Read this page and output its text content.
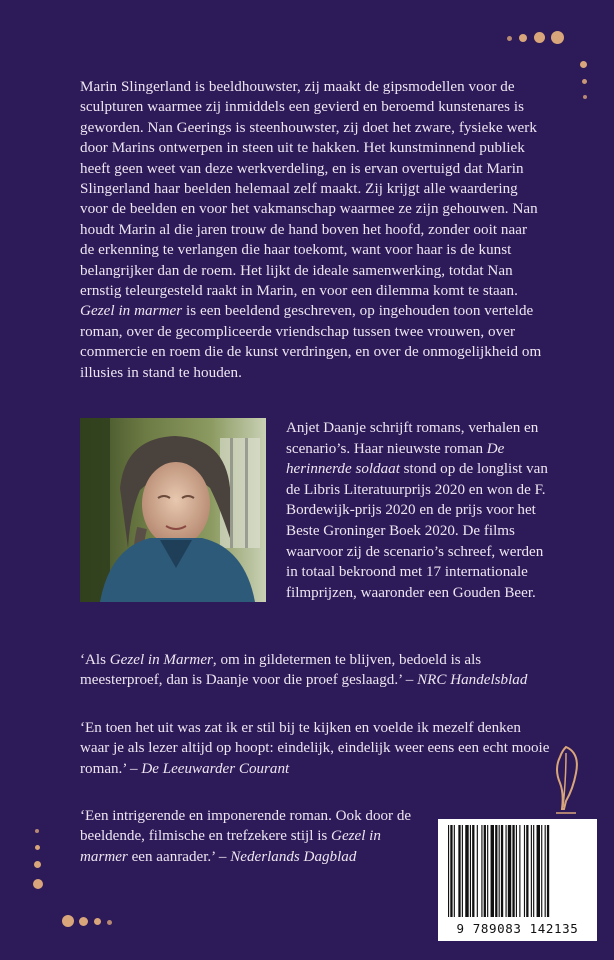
Marin Slingerland is beeldhouwster, zij maakt de gipsmodellen voor de sculpturen waarmee zij inmiddels een gevierd en beroemd kunstenares is geworden. Nan Geerings is steenhouwster, zij doet het zware, fysieke werk door Marins ontwerpen in steen uit te hakken. Het kunstminnend publiek heeft geen weet van deze werkverdeling, en is ervan overtuigd dat Marin Slingerland haar beelden helemaal zelf maakt. Zij krijgt alle waardering voor de beelden en voor het vakmanschap waarmee ze zijn gehouwen. Nan houdt Marin al die jaren trouw de hand boven het hoofd, zonder ooit naar de erkenning te verlangen die haar toekomt, want voor haar is de kunst belangrijker dan de roem. Het lijkt de ideale samenwerking, totdat Nan ernstig teleurgesteld raakt in Marin, en voor een dilemma komt te staan. Gezel in marmer is een beeldend geschreven, op ingehouden toon vertelde roman, over de gecompliceerde vriendschap tussen twee vrouwen, over commercie en roem die de kunst verdringen, en over de onmogelijkheid om illusies in stand te houden.

Anjet Daanje schrijft romans, verhalen en scenario’s. Haar nieuwste roman De herinnerde soldaat stond op de longlist van de Libris Literatuurprijs 2020 en won de F. Bordewijk-prijs 2020 en de prijs voor het Beste Groninger Boek 2020. De films waarvoor zij de scenario’s schreef, werden in totaal bekroond met 17 internationale filmprijzen, waaronder een Gouden Beer.

‘Als Gezel in Marmer, om in gildetermen te blijven, bedoeld is als meesterproef, dan is Daanje voor die proef geslaagd.’ – NRC Handelsblad

‘En toen het uit was zat ik er stil bij te kijken en voelde ik mezelf denken waar je als lezer altijd op hoopt: eindelijk, eindelijk weer eens een echt mooie roman.’ – De Leeuwarder Courant

‘Een intrigerende en imponerende roman. Ook door de beeldende, filmische en trefzekere stijl is Gezel in marmer een aanrader.’ – Nederlands Dagblad

9 789083 142135
